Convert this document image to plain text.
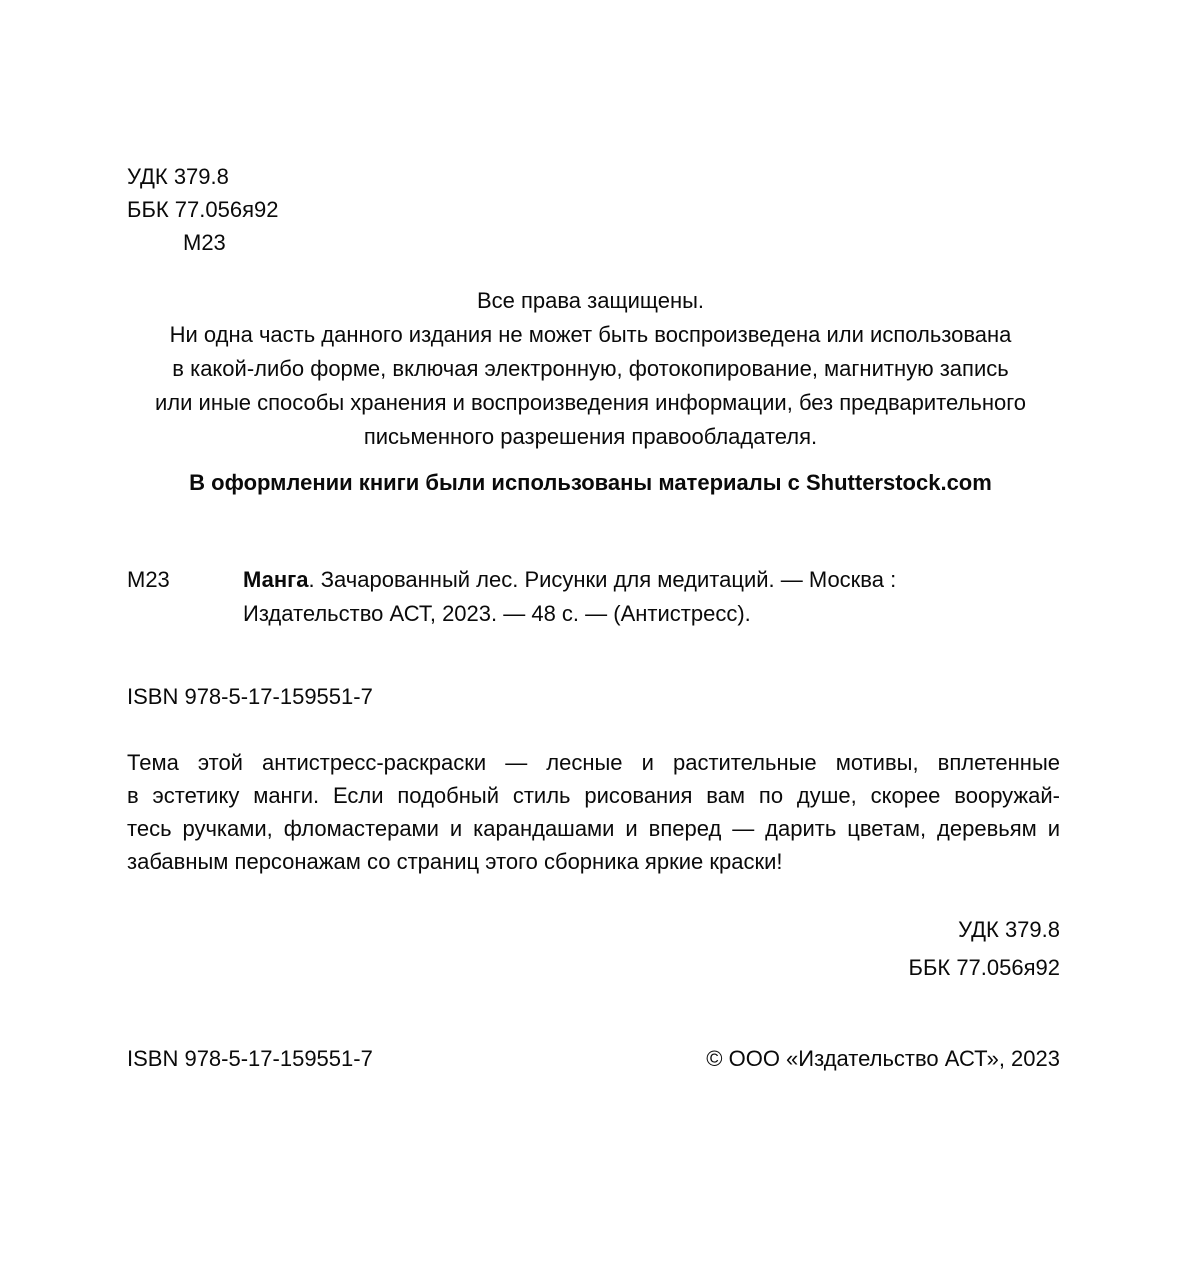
УДК 379.8
ББК 77.056я92
М23
Все права защищены.
Ни одна часть данного издания не может быть воспроизведена или использована
в какой-либо форме, включая электронную, фотокопирование, магнитную запись
или иные способы хранения и воспроизведения информации, без предварительного
письменного разрешения правообладателя.
В оформлении книги были использованы материалы с Shutterstock.com
М23	Манга. Зачарованный лес. Рисунки для медитаций. — Москва :
Издательство АСТ, 2023. — 48 с. — (Антистресс).
ISBN 978-5-17-159551-7
Тема этой антистресс-раскраски — лесные и растительные мотивы, вплетенные
в эстетику манги. Если подобный стиль рисования вам по душе, скорее вооружай-
тесь ручками, фломастерами и карандашами и вперед — дарить цветам, деревьям и
забавным персонажам со страниц этого сборника яркие краски!
УДК 379.8
ББК 77.056я92
ISBN 978-5-17-159551-7	© ООО «Издательство АСТ», 2023
